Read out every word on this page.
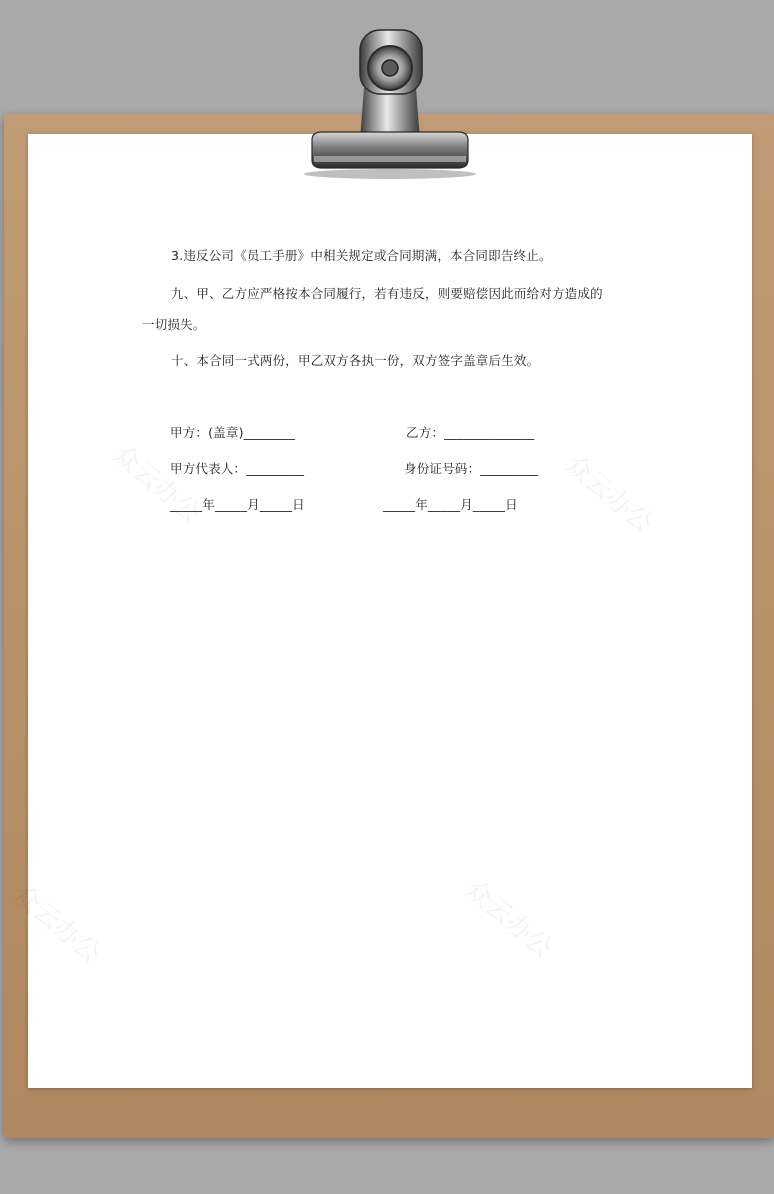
众云办公	众云办公
众云办公	众云办公
3.违反公司《员工手册》中相关规定或合同期满，本合同即告终止。
九、甲、乙方应严格按本合同履行，若有违反，则要赔偿因此而给对方造成的
一切损失。
十、本合同一式两份，甲乙双方各执一份，双方签字盖章后生效。
甲方：(盖章)________	乙方：______________
甲方代表人：_________	身份证号码：_________
_____年_____月_____日	_____年_____月_____日
